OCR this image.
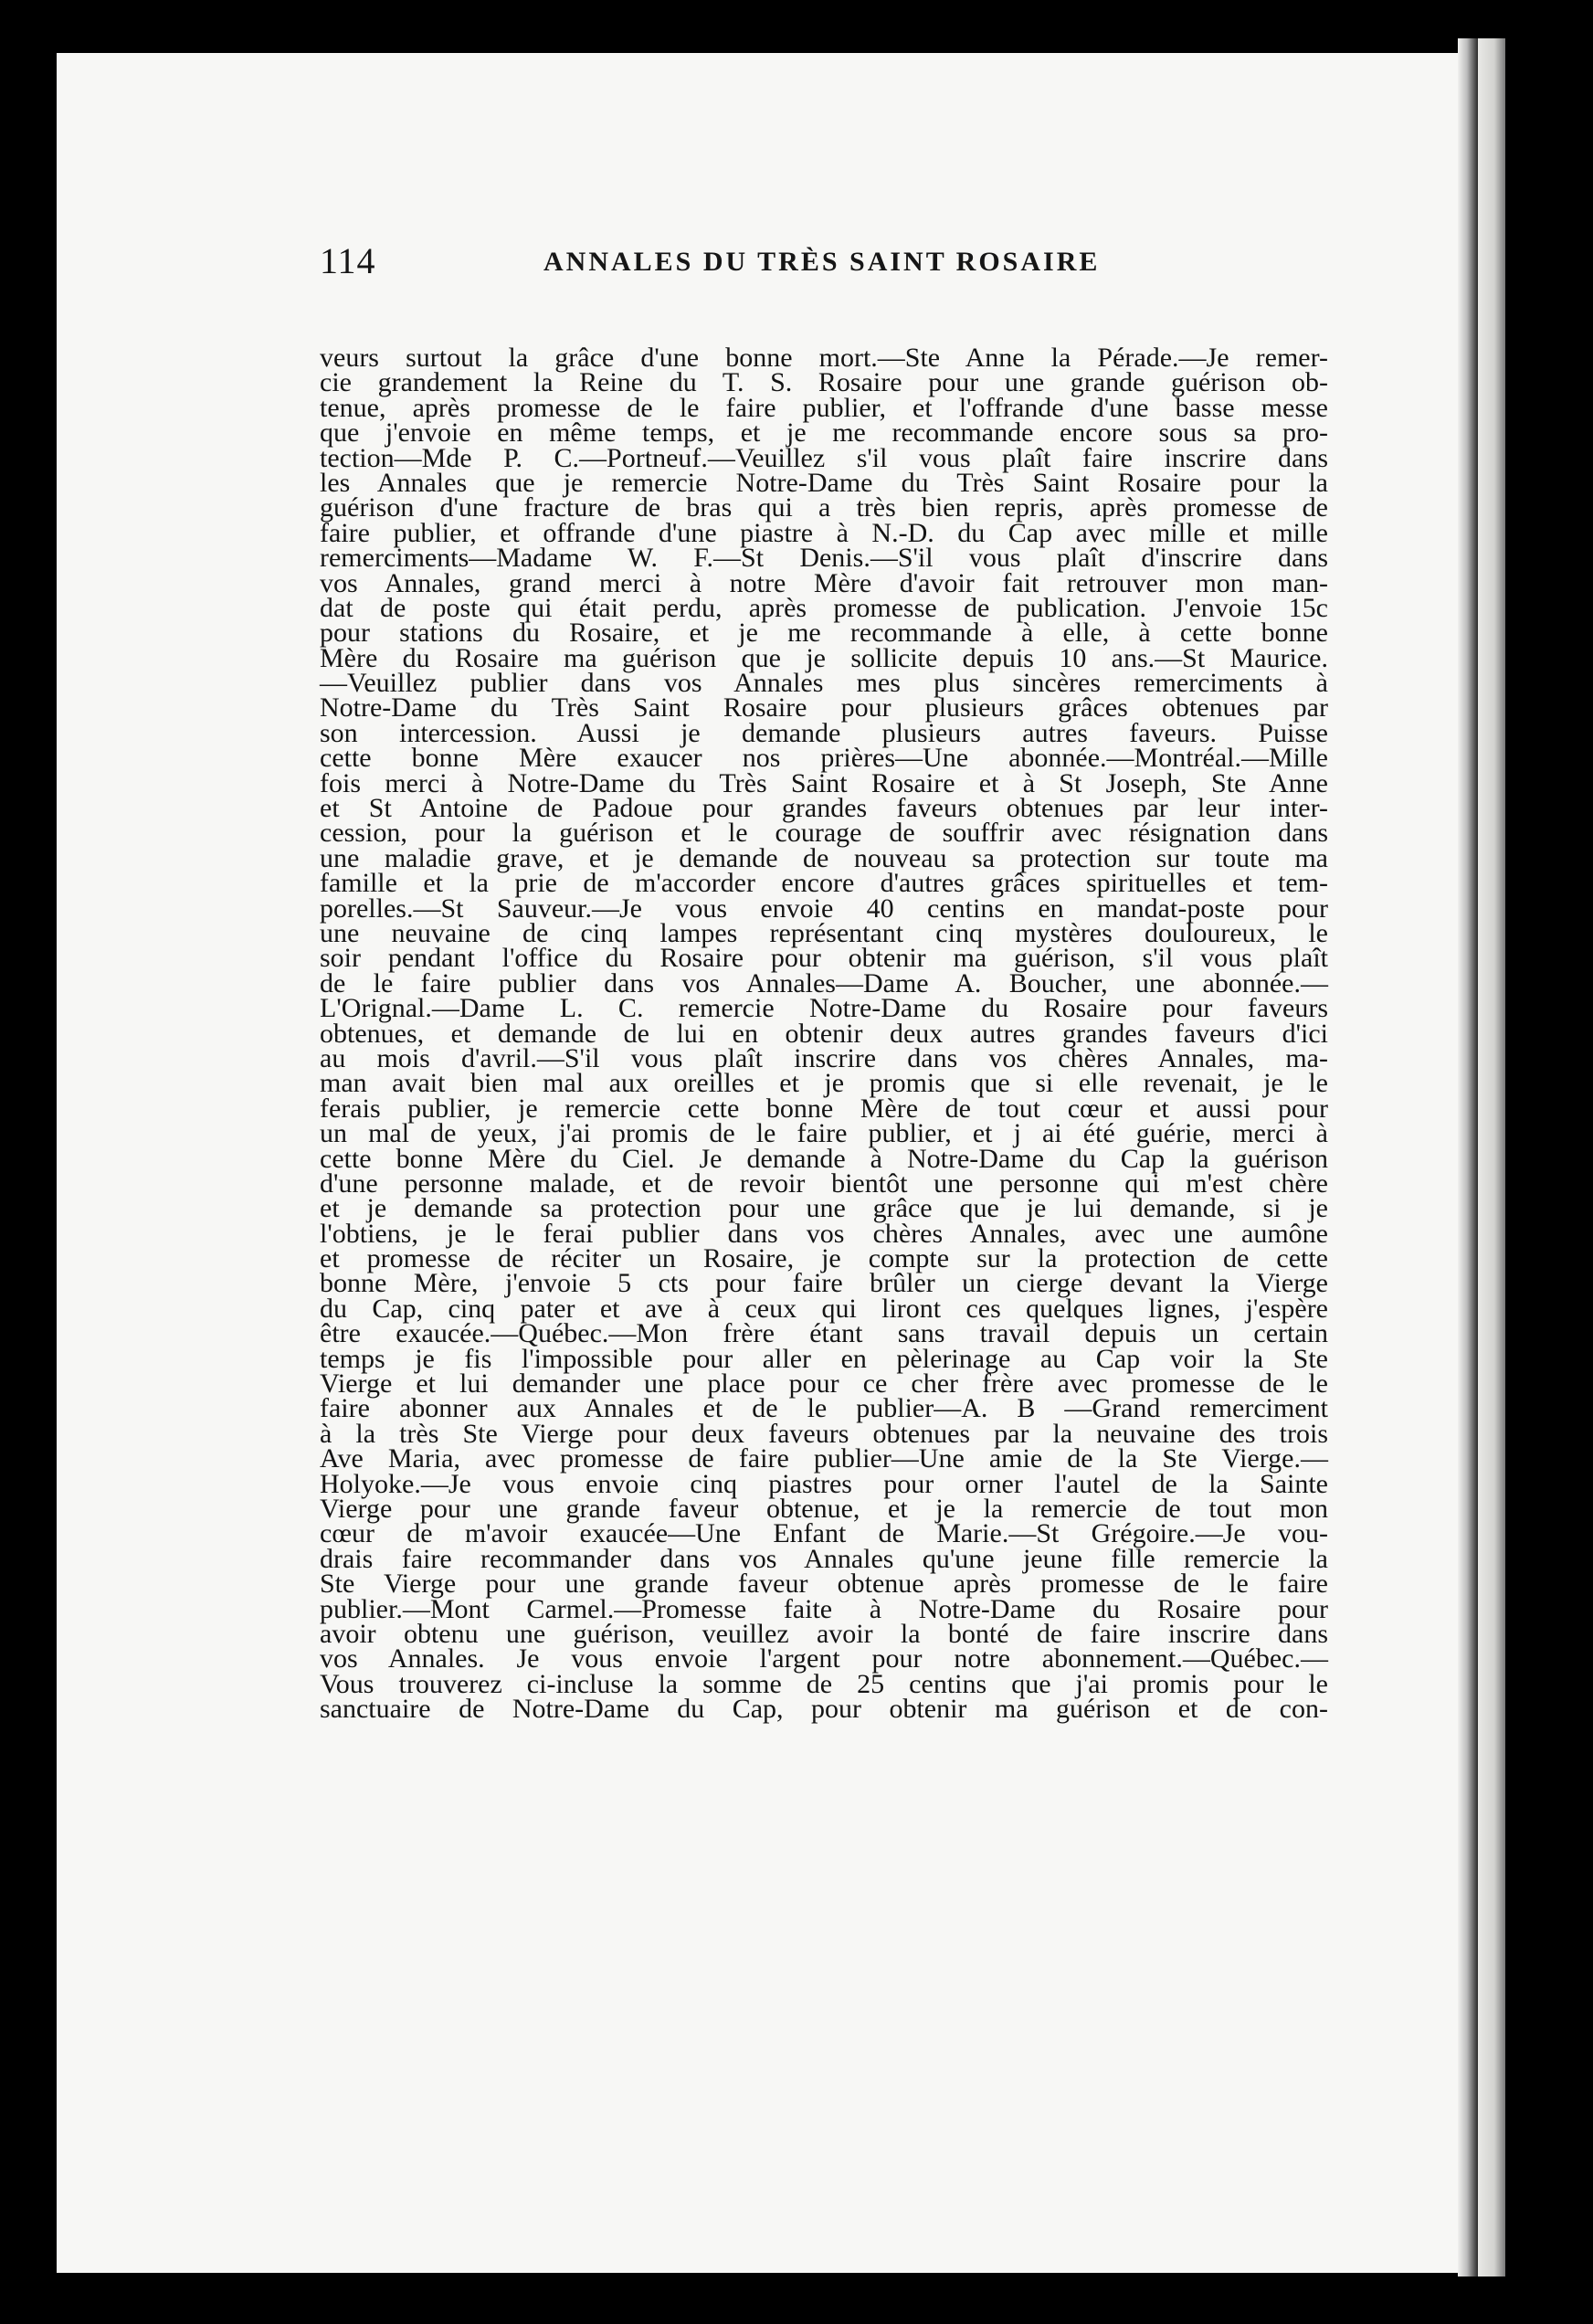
114	ANNALES DU TRÈS SAINT ROSAIRE
veurs surtout la grâce d'une bonne mort.—Ste Anne la Pérade.—Je remer-
cie grandement la Reine du T. S. Rosaire pour une grande guérison ob-
tenue, après promesse de le faire publier, et l'offrande d'une basse messe
que j'envoie en même temps, et je me recommande encore sous sa pro-
tection—Mde P. C.—Portneuf.—Veuillez s'il vous plaît faire inscrire dans
les Annales que je remercie Notre-Dame du Très Saint Rosaire pour la
guérison d'une fracture de bras qui a très bien repris, après promesse de
faire publier, et offrande d'une piastre à N.-D. du Cap avec mille et mille
remerciments—Madame W. F.—St Denis.—S'il vous plaît d'inscrire dans
vos Annales, grand merci à notre Mère d'avoir fait retrouver mon man-
dat de poste qui était perdu, après promesse de publication. J'envoie 15c
pour stations du Rosaire, et je me recommande à elle, à cette bonne
Mère du Rosaire ma guérison que je sollicite depuis 10 ans.—St Maurice.
—Veuillez publier dans vos Annales mes plus sincères remerciments à
Notre-Dame du Très Saint Rosaire pour plusieurs grâces obtenues par
son intercession. Aussi je demande plusieurs autres faveurs. Puisse
cette bonne Mère exaucer nos prières—Une abonnée.—Montréal.—Mille
fois merci à Notre-Dame du Très Saint Rosaire et à St Joseph, Ste Anne
et St Antoine de Padoue pour grandes faveurs obtenues par leur inter-
cession, pour la guérison et le courage de souffrir avec résignation dans
une maladie grave, et je demande de nouveau sa protection sur toute ma
famille et la prie de m'accorder encore d'autres grâces spirituelles et tem-
porelles.—St Sauveur.—Je vous envoie 40 centins en mandat-poste pour
une neuvaine de cinq lampes représentant cinq mystères douloureux, le
soir pendant l'office du Rosaire pour obtenir ma guérison, s'il vous plaît
de le faire publier dans vos Annales—Dame A. Boucher, une abonnée.—
L'Orignal.—Dame L. C. remercie Notre-Dame du Rosaire pour faveurs
obtenues, et demande de lui en obtenir deux autres grandes faveurs d'ici
au mois d'avril.—S'il vous plaît inscrire dans vos chères Annales, ma-
man avait bien mal aux oreilles et je promis que si elle revenait, je le
ferais publier, je remercie cette bonne Mère de tout cœur et aussi pour
un mal de yeux, j'ai promis de le faire publier, et j ai été guérie, merci à
cette bonne Mère du Ciel. Je demande à Notre-Dame du Cap la guérison
d'une personne malade, et de revoir bientôt une personne qui m'est chère
et je demande sa protection pour une grâce que je lui demande, si je
l'obtiens, je le ferai publier dans vos chères Annales, avec une aumône
et promesse de réciter un Rosaire, je compte sur la protection de cette
bonne Mère, j'envoie 5 cts pour faire brûler un cierge devant la Vierge
du Cap, cinq pater et ave à ceux qui liront ces quelques lignes, j'espère
être exaucée.—Québec.—Mon frère étant sans travail depuis un certain
temps je fis l'impossible pour aller en pèlerinage au Cap voir la Ste
Vierge et lui demander une place pour ce cher frère avec promesse de le
faire abonner aux Annales et de le publier—A. B —Grand remerciment
à la très Ste Vierge pour deux faveurs obtenues par la neuvaine des trois
Ave Maria, avec promesse de faire publier—Une amie de la Ste Vierge.—
Holyoke.—Je vous envoie cinq piastres pour orner l'autel de la Sainte
Vierge pour une grande faveur obtenue, et je la remercie de tout mon
cœur de m'avoir exaucée—Une Enfant de Marie.—St Grégoire.—Je vou-
drais faire recommander dans vos Annales qu'une jeune fille remercie la
Ste Vierge pour une grande faveur obtenue après promesse de le faire
publier.—Mont Carmel.—Promesse faite à Notre-Dame du Rosaire pour
avoir obtenu une guérison, veuillez avoir la bonté de faire inscrire dans
vos Annales. Je vous envoie l'argent pour notre abonnement.—Québec.—
Vous trouverez ci-incluse la somme de 25 centins que j'ai promis pour le
sanctuaire de Notre-Dame du Cap, pour obtenir ma guérison et de con-
